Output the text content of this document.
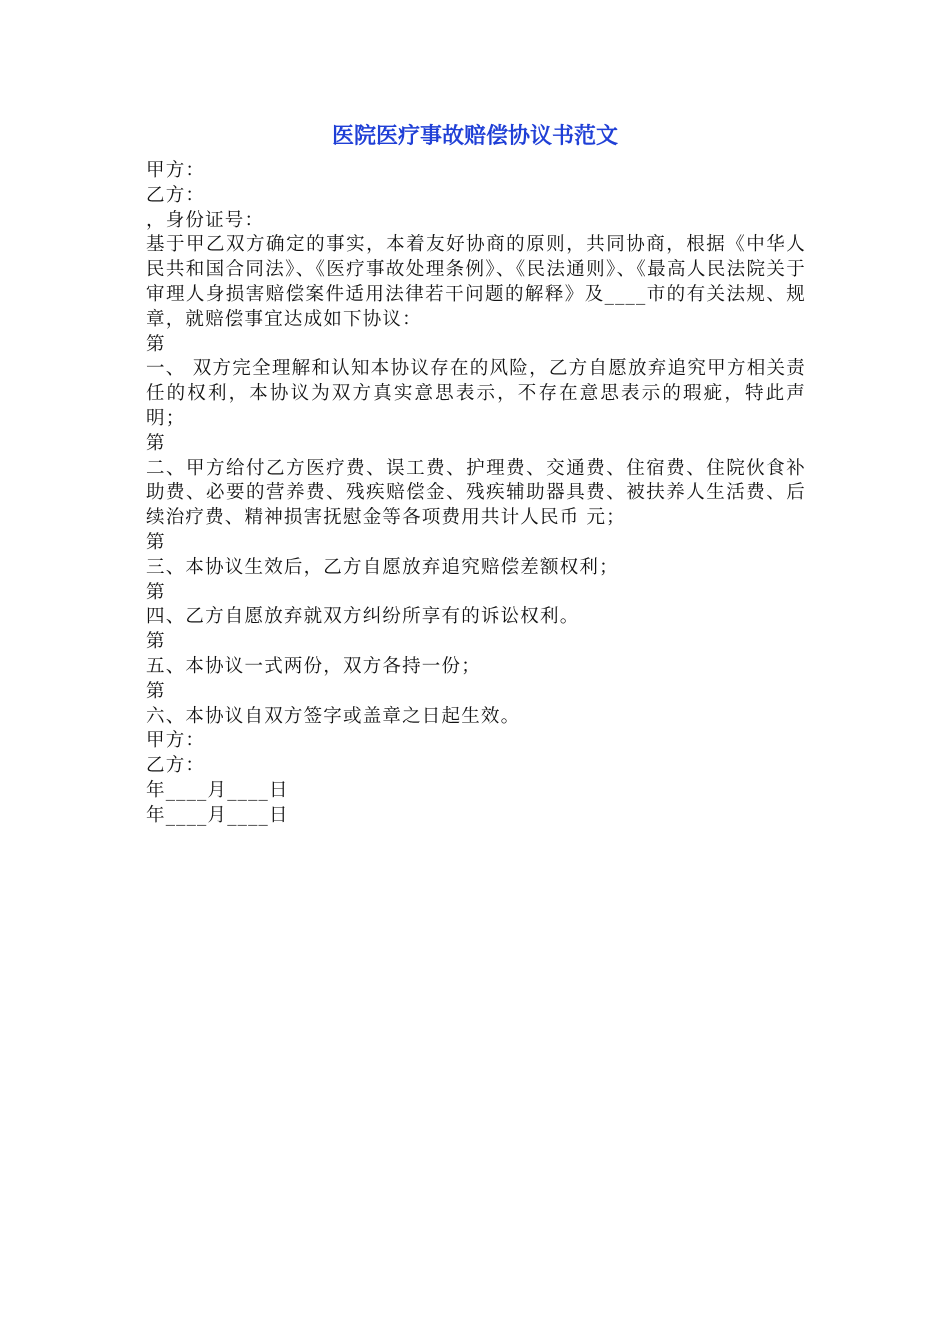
医院医疗事故赔偿协议书范文
甲方：
乙方：
，身份证号：
基于甲乙双方确定的事实，本着友好协商的原则，共同协商，根据《中华人民共和国合同法》、《医疗事故处理条例》、《民法通则》、《最高人民法院关于审理人身损害赔偿案件适用法律若干问题的解释》及____市的有关法规、规章，就赔偿事宜达成如下协议：
第
一、 双方完全理解和认知本协议存在的风险，乙方自愿放弃追究甲方相关责任的权利，本协议为双方真实意思表示，不存在意思表示的瑕疵，特此声明；
第
二、甲方给付乙方医疗费、误工费、护理费、交通费、住宿费、住院伙食补助费、必要的营养费、残疾赔偿金、残疾辅助器具费、被扶养人生活费、后续治疗费、精神损害抚慰金等各项费用共计人民币 元；
第
三、本协议生效后，乙方自愿放弃追究赔偿差额权利；
第
四、乙方自愿放弃就双方纠纷所享有的诉讼权利。
第
五、本协议一式两份，双方各持一份；
第
六、本协议自双方签字或盖章之日起生效。
甲方：
乙方：
年____月____日
年____月____日
